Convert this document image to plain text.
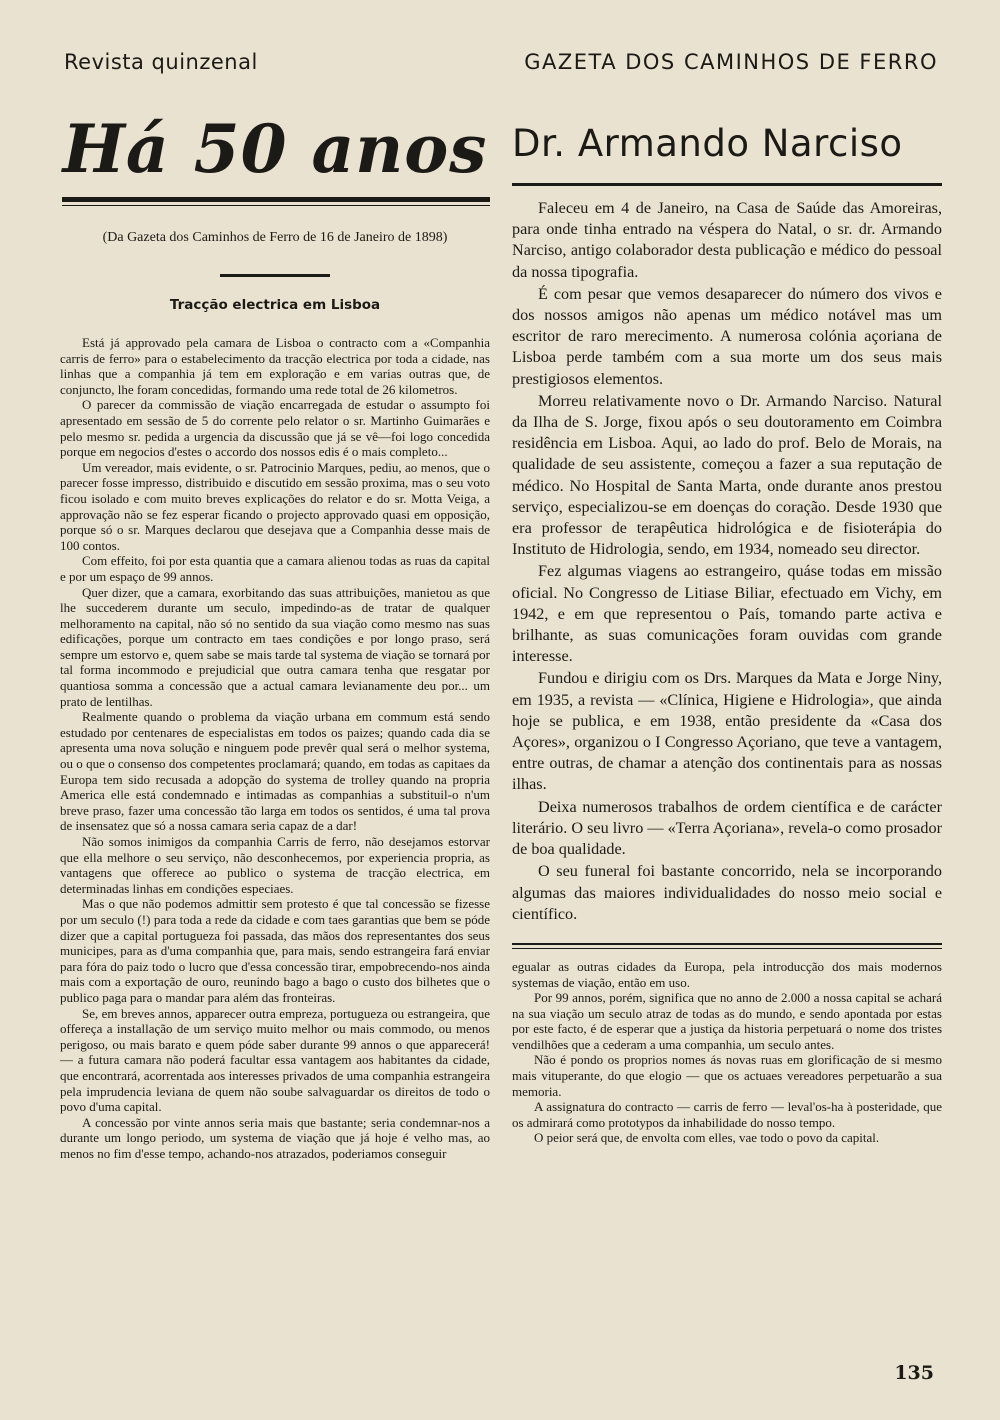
Revista quinzenal	GAZETA DOS CAMINHOS DE FERRO
Há 50 anos
(Da Gazeta dos Caminhos de Ferro de 16 de Janeiro de 1898)
Tracção electrica em Lisboa

Está já approvado pela camara de Lisboa o contracto com a «Companhia carris de ferro» para o estabelecimento da tracção electrica por toda a cidade, nas linhas que a companhia já tem em exploração e em varias outras que, de conjuncto, lhe foram concedidas, formando uma rede total de 26 kilometros.

O parecer da commissão de viação encarregada de estudar o assumpto foi apresentado em sessão de 5 do corrente pelo relator o sr. Martinho Guimarães e pelo mesmo sr. pedida a urgencia da discussão que já se vê—foi logo concedida porque em negocios d'estes o accordo dos nossos edis é o mais completo...

Um vereador, mais evidente, o sr. Patrocinio Marques, pediu, ao menos, que o parecer fosse impresso, distribuido e discutido em sessão proxima, mas o seu voto ficou isolado e com muito breves explicações do relator e do sr. Motta Veiga, a approvação não se fez esperar ficando o projecto approvado quasi em opposição, porque só o sr. Marques declarou que desejava que a Companhia desse mais de 100 contos.

Com effeito, foi por esta quantia que a camara alienou todas as ruas da capital e por um espaço de 99 annos.

Quer dizer, que a camara, exorbitando das suas attribuições, manietou as que lhe succederem durante um seculo, impedindo-as de tratar de qualquer melhoramento na capital, não só no sentido da sua viação como mesmo nas suas edificações, porque um contracto em taes condições e por longo praso, será sempre um estorvo e, quem sabe se mais tarde tal systema de viação se tornará por tal forma incommodo e prejudicial que outra camara tenha que resgatar por quantiosa somma a concessão que a actual camara levianamente deu por... um prato de lentilhas.

Realmente quando o problema da viação urbana em commum está sendo estudado por centenares de especialistas em todos os paizes; quando cada dia se apresenta uma nova solução e ninguem pode prevêr qual será o melhor systema, ou o que o consenso dos competentes proclamará; quando, em todas as capitaes da Europa tem sido recusada a adopção do systema de trolley quando na propria America elle está condemnado e intimadas as companhias a substituil-o n'um breve praso, fazer uma concessão tão larga em todos os sentidos, é uma tal prova de insensatez que só a nossa camara seria capaz de a dar!

Não somos inimigos da companhia Carris de ferro, não desejamos estorvar que ella melhore o seu serviço, não desconhecemos, por experiencia propria, as vantagens que offerece ao publico o systema de tracção electrica, em determinadas linhas em condições especiaes.

Mas o que não podemos admittir sem protesto é que tal concessão se fizesse por um seculo (!) para toda a rede da cidade e com taes garantias que bem se póde dizer que a capital portugueza foi passada, das mãos dos representantes dos seus municipes, para as d'uma companhia que, para mais, sendo estrangeira fará enviar para fóra do paiz todo o lucro que d'essa concessão tirar, empobrecendo-nos ainda mais com a exportação de ouro, reunindo bago a bago o custo dos bilhetes que o publico paga para o mandar para além das fronteiras.

Se, em breves annos, apparecer outra empreza, portugueza ou estrangeira, que offereça a installação de um serviço muito melhor ou mais commodo, ou menos perigoso, ou mais barato e quem póde saber durante 99 annos o que apparecerá! — a futura camara não poderá facultar essa vantagem aos habitantes da cidade, que encontrará, acorrentada aos interesses privados de uma companhia estrangeira pela imprudencia leviana de quem não soube salvaguardar os direitos de todo o povo d'uma capital.

A concessão por vinte annos seria mais que bastante; seria condemnar-nos a durante um longo periodo, um systema de viação que já hoje é velho mas, ao menos no fim d'esse tempo, achando-nos atrazados, poderiamos conseguir

Dr. Armando Narciso

Faleceu em 4 de Janeiro, na Casa de Saúde das Amoreiras, para onde tinha entrado na véspera do Natal, o sr. dr. Armando Narciso, antigo colaborador desta publicação e médico do pessoal da nossa tipografia.

É com pesar que vemos desaparecer do número dos vivos e dos nossos amigos não apenas um médico notável mas um escritor de raro merecimento. A numerosa colónia açoriana de Lisboa perde também com a sua morte um dos seus mais prestigiosos elementos.

Morreu relativamente novo o Dr. Armando Narciso. Natural da Ilha de S. Jorge, fixou após o seu doutoramento em Coimbra residência em Lisboa. Aqui, ao lado do prof. Belo de Morais, na qualidade de seu assistente, começou a fazer a sua reputação de médico. No Hospital de Santa Marta, onde durante anos prestou serviço, especializou-se em doenças do coração. Desde 1930 que era professor de terapêutica hidrológica e de fisioterápia do Instituto de Hidrologia, sendo, em 1934, nomeado seu director.

Fez algumas viagens ao estrangeiro, quáse todas em missão oficial. No Congresso de Litiase Biliar, efectuado em Vichy, em 1942, e em que representou o País, tomando parte activa e brilhante, as suas comunicações foram ouvidas com grande interesse.

Fundou e dirigiu com os Drs. Marques da Mata e Jorge Niny, em 1935, a revista — «Clínica, Higiene e Hidrologia», que ainda hoje se publica, e em 1938, então presidente da «Casa dos Açores», organizou o I Congresso Açoriano, que teve a vantagem, entre outras, de chamar a atenção dos continentais para as nossas ilhas.

Deixa numerosos trabalhos de ordem científica e de carácter literário. O seu livro — «Terra Açoriana», revela-o como prosador de boa qualidade.

O seu funeral foi bastante concorrido, nela se incorporando algumas das maiores individualidades do nosso meio social e científico.

egualar as outras cidades da Europa, pela introducção dos mais modernos systemas de viação, então em uso.

Por 99 annos, porém, significa que no anno de 2.000 a nossa capital se achará na sua viação um seculo atraz de todas as do mundo, e sendo apontada por estas por este facto, é de esperar que a justiça da historia perpetuará o nome dos tristes vendilhões que a cederam a uma companhia, um seculo antes.

Não é pondo os proprios nomes ás novas ruas em glorificação de si mesmo mais vituperante, do que elogio — que os actuaes vereadores perpetuarão a sua memoria.

A assignatura do contracto — carris de ferro — leval'os-ha à posteridade, que os admirará como prototypos da inhabilidade do nosso tempo.

O peior será que, de envolta com elles, vae todo o povo da capital.

135
